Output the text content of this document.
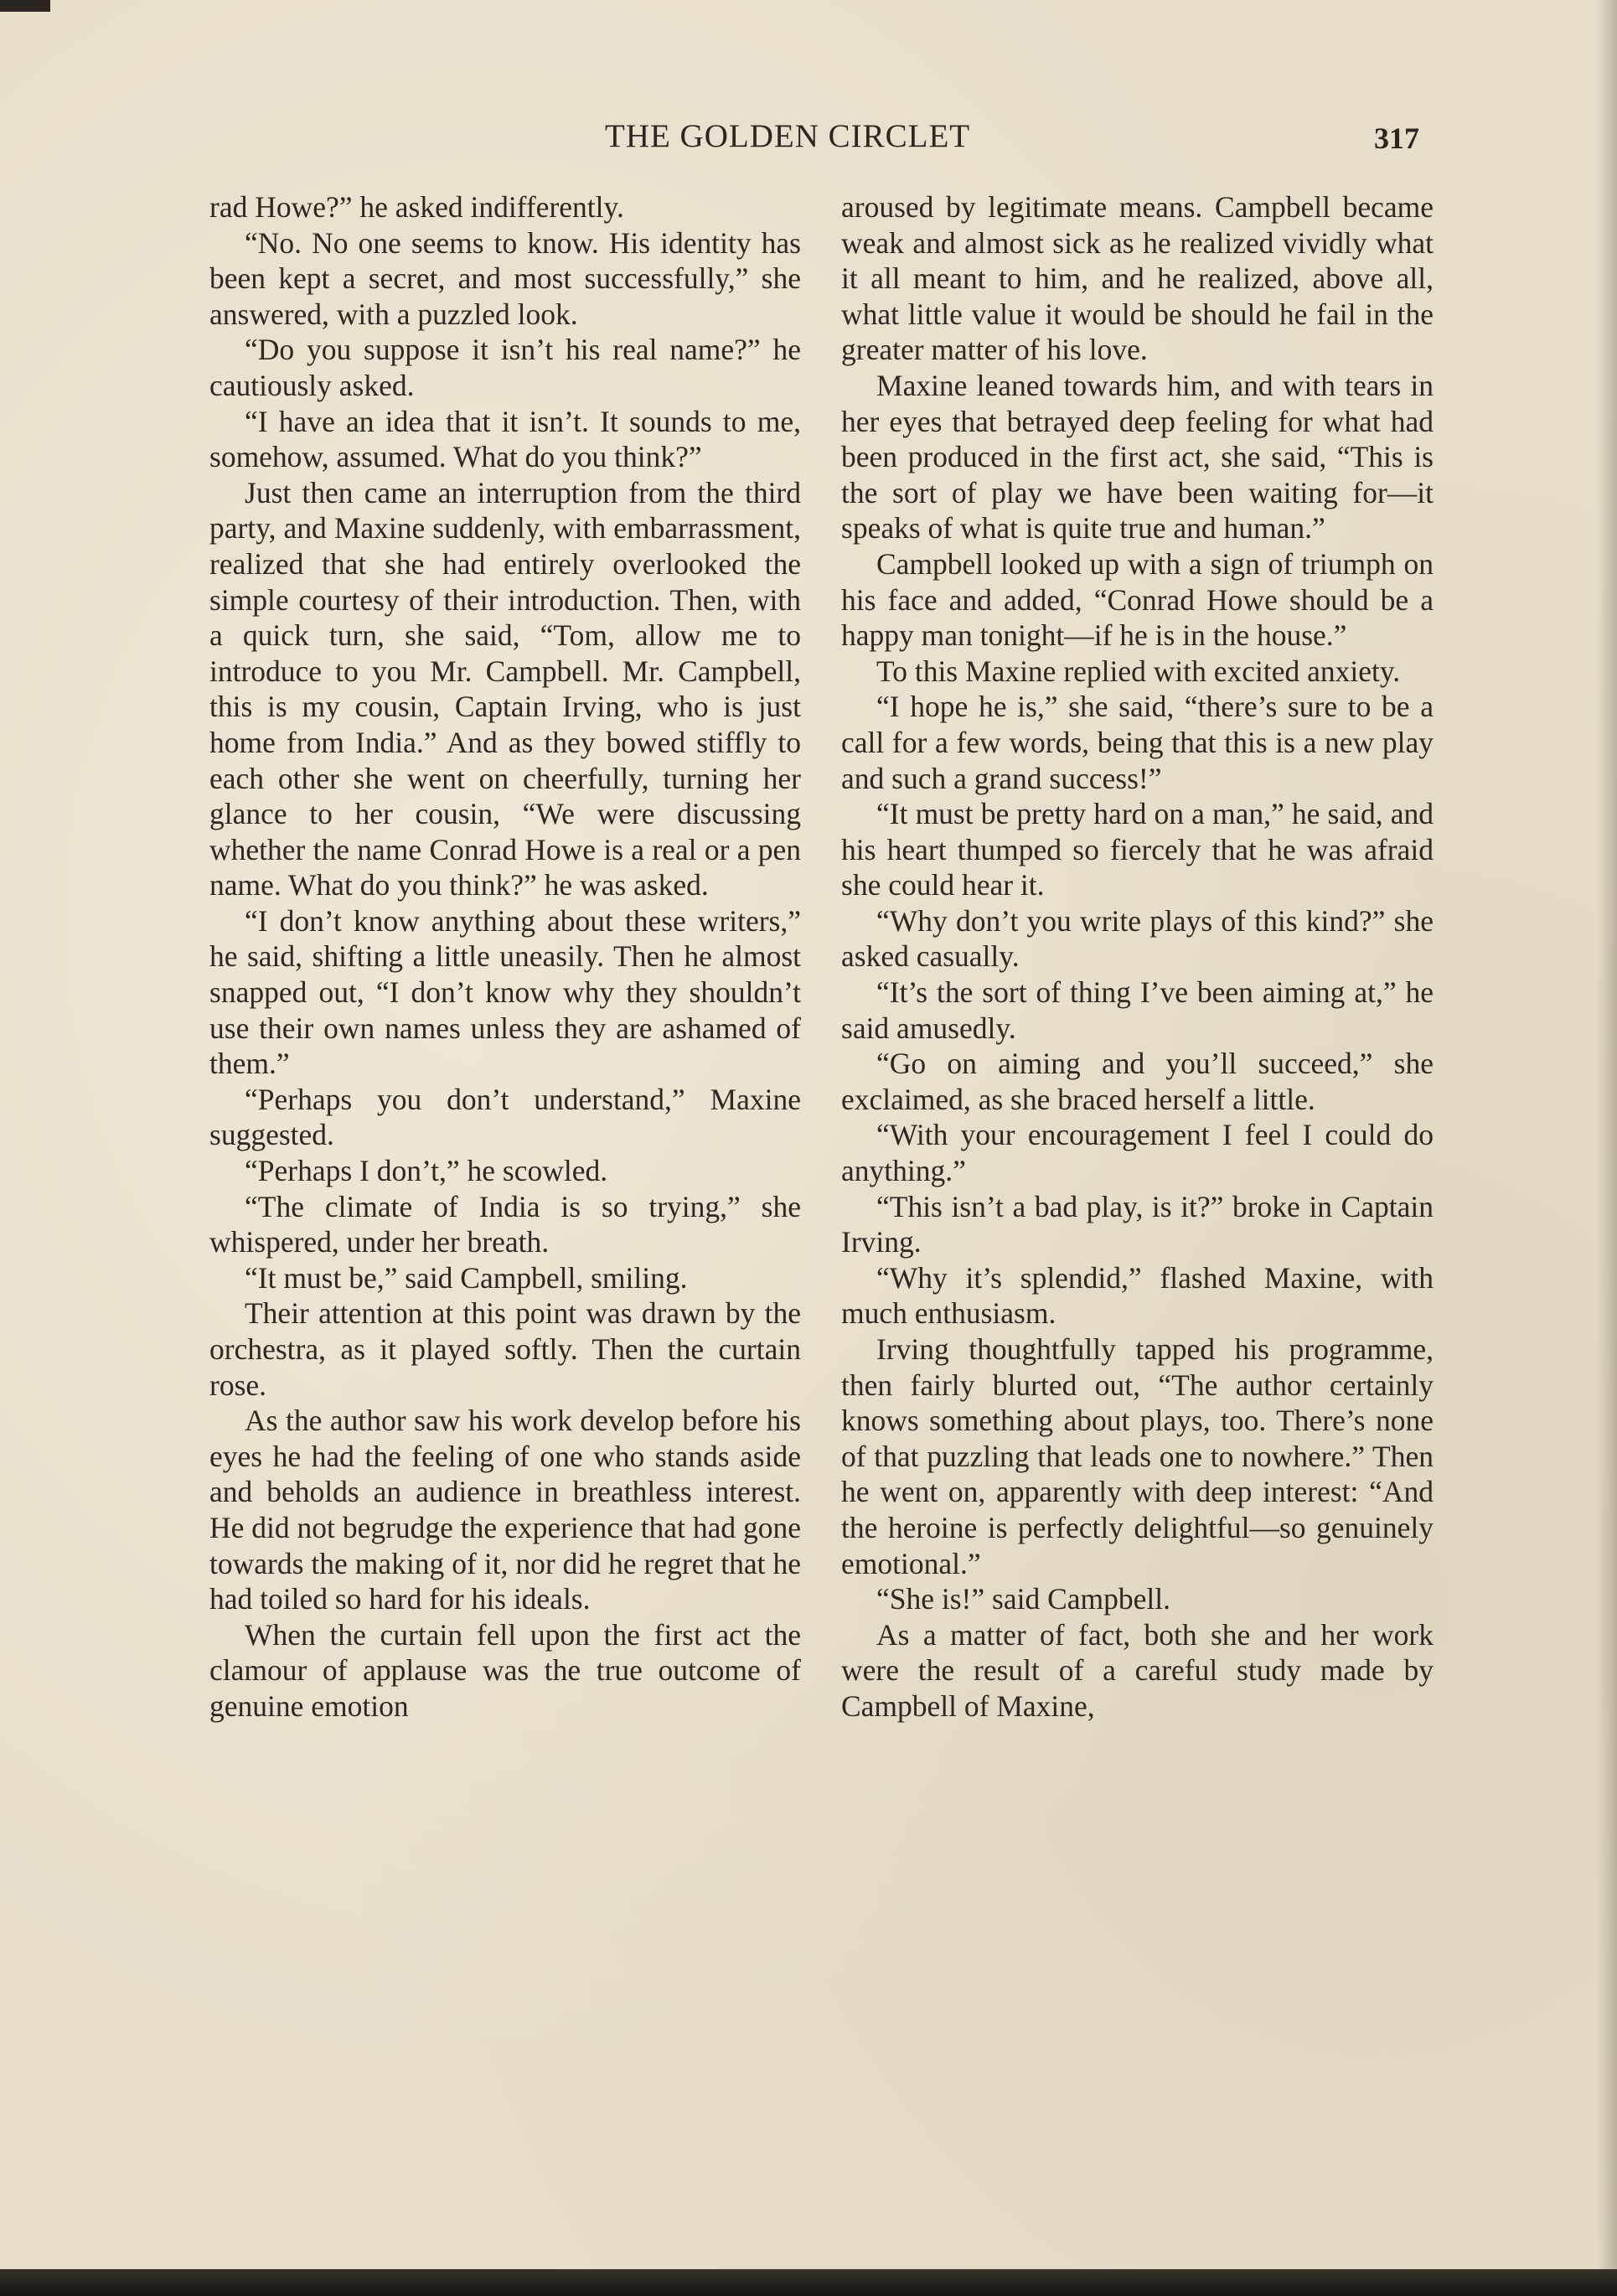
THE GOLDEN CIRCLET	317

rad Howe?” he asked indifferently.

“No. No one seems to know. His identity has been kept a secret, and most successfully,” she answered, with a puzzled look.

“Do you suppose it isn’t his real name?” he cautiously asked.

“I have an idea that it isn’t. It sounds to me, somehow, assumed. What do you think?”

Just then came an interruption from the third party, and Maxine suddenly, with embarrassment, realized that she had entirely overlooked the simple courtesy of their introduction. Then, with a quick turn, she said, “Tom, allow me to introduce to you Mr. Campbell. Mr. Campbell, this is my cousin, Captain Irving, who is just home from India.” And as they bowed stiffly to each other she went on cheerfully, turning her glance to her cousin, “We were discussing whether the name Conrad Howe is a real or a pen name. What do you think?” he was asked.

“I don’t know anything about these writers,” he said, shifting a little uneasily. Then he almost snapped out, “I don’t know why they shouldn’t use their own names unless they are ashamed of them.”

“Perhaps you don’t understand,” Maxine suggested.

“Perhaps I don’t,” he scowled.

“The climate of India is so trying,” she whispered, under her breath.

“It must be,” said Campbell, smiling.

Their attention at this point was drawn by the orchestra, as it played softly. Then the curtain rose.

As the author saw his work develop before his eyes he had the feeling of one who stands aside and beholds an audience in breathless interest. He did not begrudge the experience that had gone towards the making of it, nor did he regret that he had toiled so hard for his ideals.

When the curtain fell upon the first act the clamour of applause was the true outcome of genuine emotion

aroused by legitimate means. Campbell became weak and almost sick as he realized vividly what it all meant to him, and he realized, above all, what little value it would be should he fail in the greater matter of his love.

Maxine leaned towards him, and with tears in her eyes that betrayed deep feeling for what had been produced in the first act, she said, “This is the sort of play we have been waiting for—it speaks of what is quite true and human.”

Campbell looked up with a sign of triumph on his face and added, “Conrad Howe should be a happy man tonight—if he is in the house.”

To this Maxine replied with excited anxiety.

“I hope he is,” she said, “there’s sure to be a call for a few words, being that this is a new play and such a grand success!”

“It must be pretty hard on a man,” he said, and his heart thumped so fiercely that he was afraid she could hear it.

“Why don’t you write plays of this kind?” she asked casually.

“It’s the sort of thing I’ve been aiming at,” he said amusedly.

“Go on aiming and you’ll succeed,” she exclaimed, as she braced herself a little.

“With your encouragement I feel I could do anything.”

“This isn’t a bad play, is it?” broke in Captain Irving.

“Why it’s splendid,” flashed Maxine, with much enthusiasm.

Irving thoughtfully tapped his programme, then fairly blurted out, “The author certainly knows something about plays, too. There’s none of that puzzling that leads one to nowhere.” Then he went on, apparently with deep interest: “And the heroine is perfectly delightful—so genuinely emotional.”

“She is!” said Campbell.

As a matter of fact, both she and her work were the result of a careful study made by Campbell of Maxine,
